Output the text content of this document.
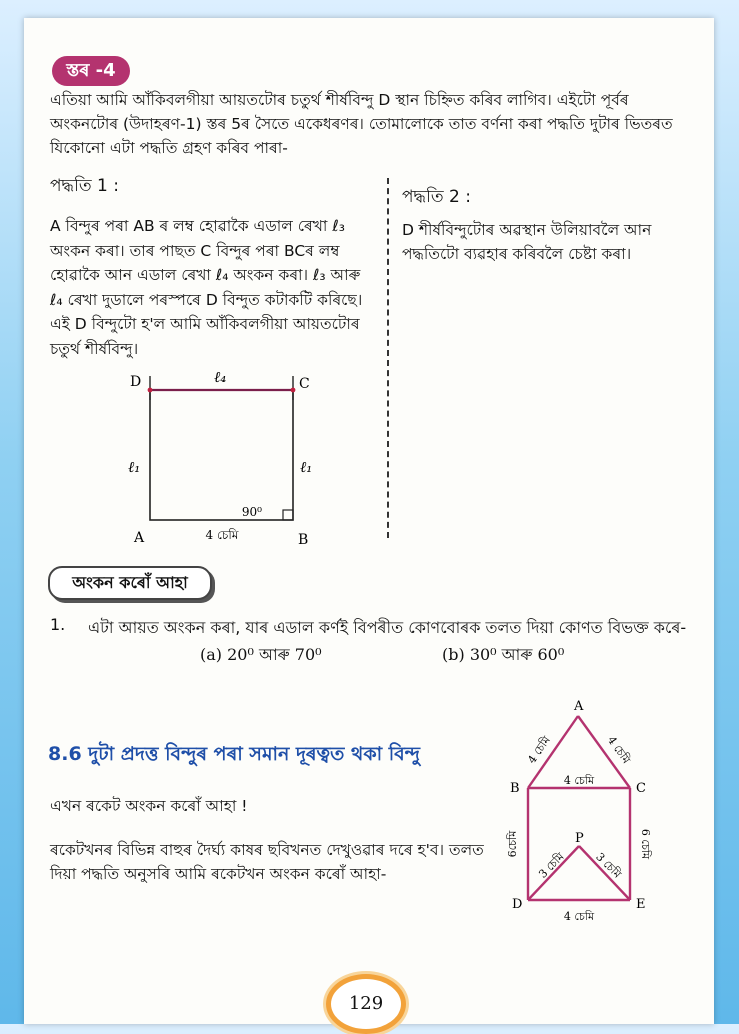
স্তৰ -4
এতিয়া আমি আঁকিবলগীয়া আয়তটোৰ চতুৰ্থ শীৰ্ষবিন্দু D স্থান চিহ্নিত কৰিব লাগিব। এইটো পূৰ্বৰ অংকনটোৰ (উদাহৰণ-1) স্তৰ 5ৰ সৈতে একেধৰণৰ। তোমালোকে তাত বৰ্ণনা কৰা পদ্ধতি দুটাৰ ভিতৰত যিকোনো এটা পদ্ধতি গ্ৰহণ কৰিব পাৰা-
পদ্ধতি 1 :
A বিন্দুৰ পৰা AB ৰ লম্ব হোৱাকৈ এডাল ৰেখা ℓ₃ অংকন কৰা। তাৰ পাছত C বিন্দুৰ পৰা BCৰ লম্ব হোৱাকৈ আন এডাল ৰেখা ℓ₄ অংকন কৰা। ℓ₃ আৰু ℓ₄ ৰেখা দুডালে পৰস্পৰে D বিন্দুত কটাকটি কৰিছে। এই D বিন্দুটো হ'ল আমি আঁকিবলগীয়া আয়তটোৰ চতুৰ্থ শীৰ্ষবিন্দু।
পদ্ধতি 2 :
D শীৰ্ষবিন্দুটোৰ অৱস্থান উলিয়াবলৈ আন পদ্ধতিটো ব্যৱহাৰ কৰিবলৈ চেষ্টা কৰা।
D	C
A	B
ℓ₄
ℓ₁	ℓ₁
90⁰
4 চেমি
অংকন কৰোঁ আহা
1. এটা আয়ত অংকন কৰা, যাৰ এডাল কৰ্ণই বিপৰীত কোণবোৰক তলত দিয়া কোণত বিভক্ত কৰে-
(a) 20⁰ আৰু 70⁰	(b) 30⁰ আৰু 60⁰
8.6 দুটা প্ৰদত্ত বিন্দুৰ পৰা সমান দূৰত্বত থকা বিন্দু
এখন ৰকেট অংকন কৰোঁ আহা !
ৰকেটখনৰ বিভিন্ন বাহুৰ দৈৰ্ঘ্য কাষৰ ছবিখনত দেখুওৱাৰ দৰে হ'ব। তলত দিয়া পদ্ধতি অনুসৰি আমি ৰকেটখন অংকন কৰোঁ আহা-
A
B	C
D	E
P
4 চেমি
4 চেমি	4 চেমি
6চেমি	6 চেমি
3 চেমি 3 চেমি
4 চেমি
129
